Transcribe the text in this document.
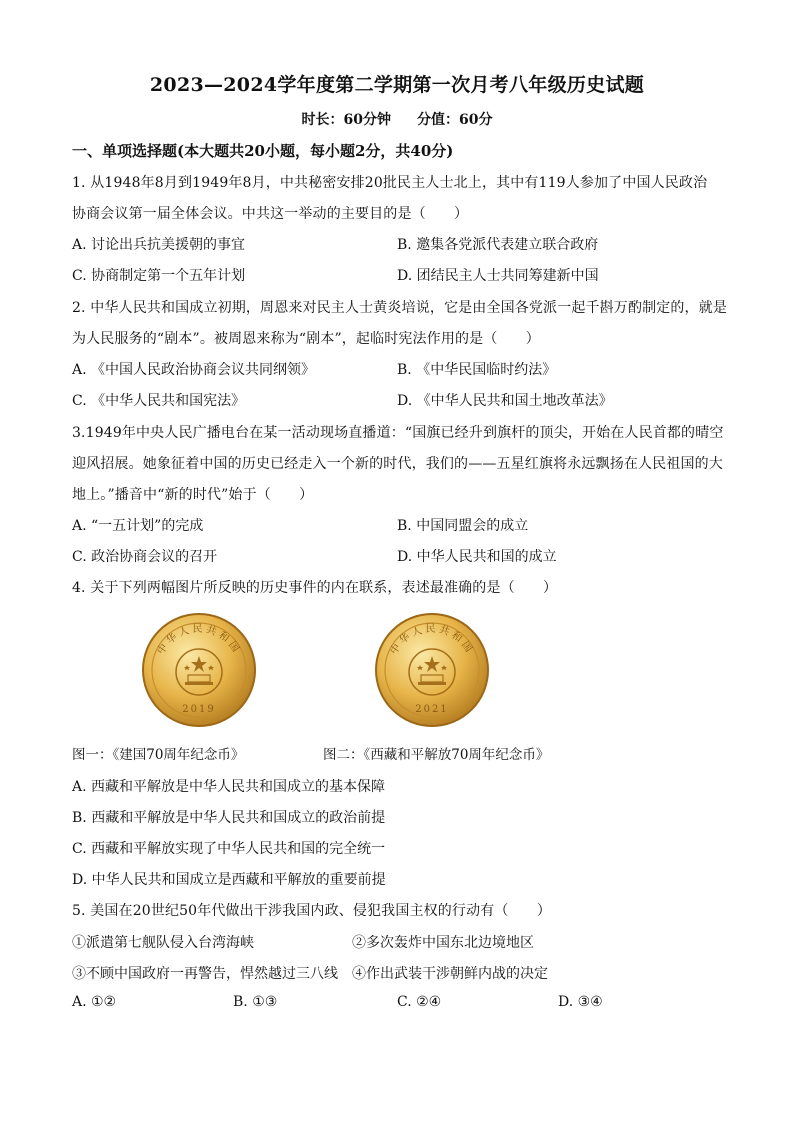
2023—2024学年度第二学期第一次月考八年级历史试题
时长：60分钟 分值：60分
一、单项选择题(本大题共20小题，每小题2分，共40分)
1. 从1948年8月到1949年8月，中共秘密安排20批民主人士北上，其中有119人参加了中国人民政治
协商会议第一届全体会议。中共这一举动的主要目的是（　　）
A. 讨论出兵抗美援朝的事宜	B. 邀集各党派代表建立联合政府
C. 协商制定第一个五年计划	D. 团结民主人士共同筹建新中国
2. 中华人民共和国成立初期，周恩来对民主人士黄炎培说，它是由全国各党派一起千斟万酌制定的，就是
为人民服务的“剧本”。被周恩来称为“剧本”，起临时宪法作用的是（　　）
A. 《中国人民政治协商会议共同纲领》	B. 《中华民国临时约法》
C. 《中华人民共和国宪法》	D. 《中华人民共和国土地改革法》
3.1949年中央人民广播电台在某一活动现场直播道：“国旗已经升到旗杆的顶尖，开始在人民首都的晴空
迎风招展。她象征着中国的历史已经走入一个新的时代，我们的——五星红旗将永远飘扬在人民祖国的大
地上。”播音中“新的时代”始于（　　）
A. “一五计划”的完成	B. 中国同盟会的成立
C. 政治协商会议的召开	D. 中华人民共和国的成立
4. 关于下列两幅图片所反映的历史事件的内在联系，表述最准确的是（　　）
中华人民共和国
2019
中华人民共和国
2021
图一：《建国70周年纪念币》	图二：《西藏和平解放70周年纪念币》
A. 西藏和平解放是中华人民共和国成立的基本保障
B. 西藏和平解放是中华人民共和国成立的政治前提
C. 西藏和平解放实现了中华人民共和国的完全统一
D. 中华人民共和国成立是西藏和平解放的重要前提
5. 美国在20世纪50年代做出干涉我国内政、侵犯我国主权的行动有（　　）
①派遣第七舰队侵入台湾海峡	②多次轰炸中国东北边境地区
③不顾中国政府一再警告，悍然越过三八线 ④作出武装干涉朝鲜内战的决定
A. ①②	B. ①③	C. ②④	D. ③④
